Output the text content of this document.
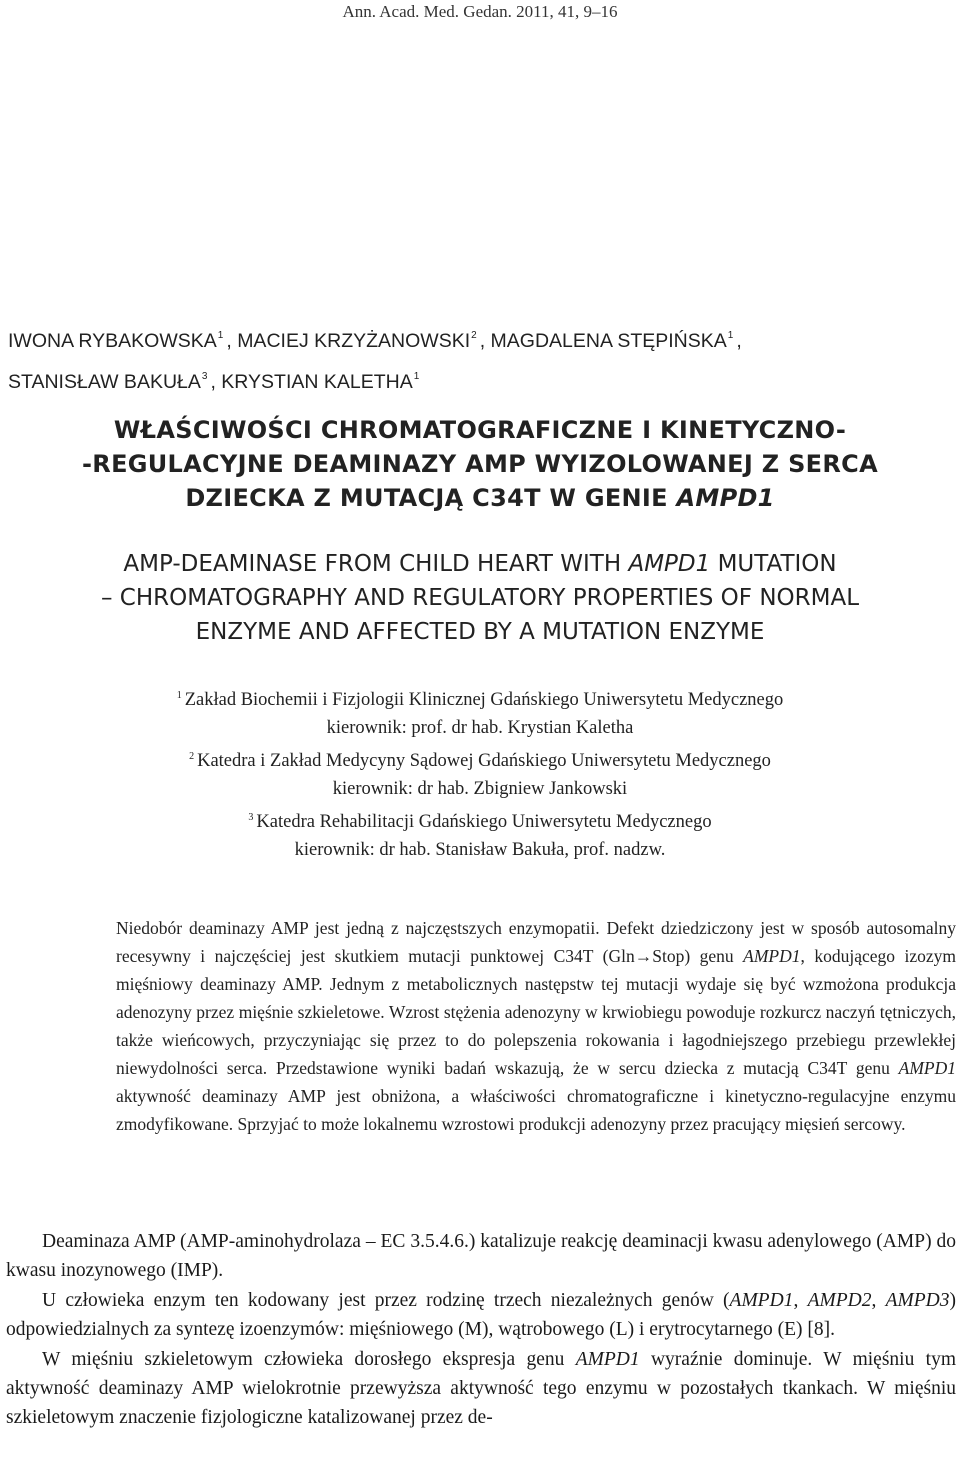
Ann. Acad. Med. Gedan. 2011, 41, 9–16
IWONA RYBAKOWSKA$^1$ , MACIEJ KRZYŻANOWSKI$^2$ , MAGDALENA STĘPIŃSKA$^1$ ,
STANISŁAW BAKUŁA$^3$ , KRYSTIAN KALETHA$^1$
WŁAŚCIWOŚCI CHROMATOGRAFICZNE I KINETYCZNO-
-REGULACYJNE DEAMINAZY AMP WYIZOLOWANEJ Z SERCA
DZIECKA Z MUTACJĄ C34T W GENIE AMPD1
AMP-DEAMINASE FROM CHILD HEART WITH AMPD1 MUTATION
– CHROMATOGRAPHY AND REGULATORY PROPERTIES OF NORMAL
ENZYME AND AFFECTED BY A MUTATION ENZYME
$^1$ Zakład Biochemii i Fizjologii Klinicznej Gdańskiego Uniwersytetu Medycznego
kierownik: prof. dr hab. Krystian Kaletha
$^2$ Katedra i Zakład Medycyny Sądowej Gdańskiego Uniwersytetu Medycznego
kierownik: dr hab. Zbigniew Jankowski
$^3$ Katedra Rehabilitacji Gdańskiego Uniwersytetu Medycznego
kierownik: dr hab. Stanisław Bakuła, prof. nadzw.

Niedobór deaminazy AMP jest jedną z najczęstszych enzymopatii. Defekt dziedziczony jest w sposób autosomalny recesywny i najczęściej jest skutkiem mutacji punktowej C34T (Gln→Stop) genu AMPD1, kodującego izozym mięśniowy deaminazy AMP. Jednym z metabolicznych następstw tej mutacji wydaje się być wzmożona produkcja adenozyny przez mięśnie szkieletowe. Wzrost stężenia adenozyny w krwiobiegu powoduje rozkurcz naczyń tętniczych, także wieńcowych, przyczyniając się przez to do polepszenia rokowania i łagodniejszego przebiegu przewlekłej niewydolności serca. Przedstawione wyniki badań wskazują, że w sercu dziecka z mutacją C34T genu AMPD1 aktywność deaminazy AMP jest obniżona, a właściwości chromatograficzne i kinetyczno-regulacyjne enzymu zmodyfikowane. Sprzyjać to może lokalnemu wzrostowi produkcji adenozyny przez pracujący mięsień sercowy.

Deaminaza AMP (AMP-aminohydrolaza – EC 3.5.4.6.) katalizuje reakcję deaminacji kwasu adenylowego (AMP) do kwasu inozynowego (IMP).

U człowieka enzym ten kodowany jest przez rodzinę trzech niezależnych genów (AMPD1, AMPD2, AMPD3) odpowiedzialnych za syntezę izoenzymów: mięśniowego (M), wątrobowego (L) i erytrocytarnego (E) [8].

W mięśniu szkieletowym człowieka dorosłego ekspresja genu AMPD1 wyraźnie dominuje. W mięśniu tym aktywność deaminazy AMP wielokrotnie przewyższa aktywność tego enzymu w pozostałych tkankach. W mięśniu szkieletowym znaczenie fizjologiczne katalizowanej przez de-
